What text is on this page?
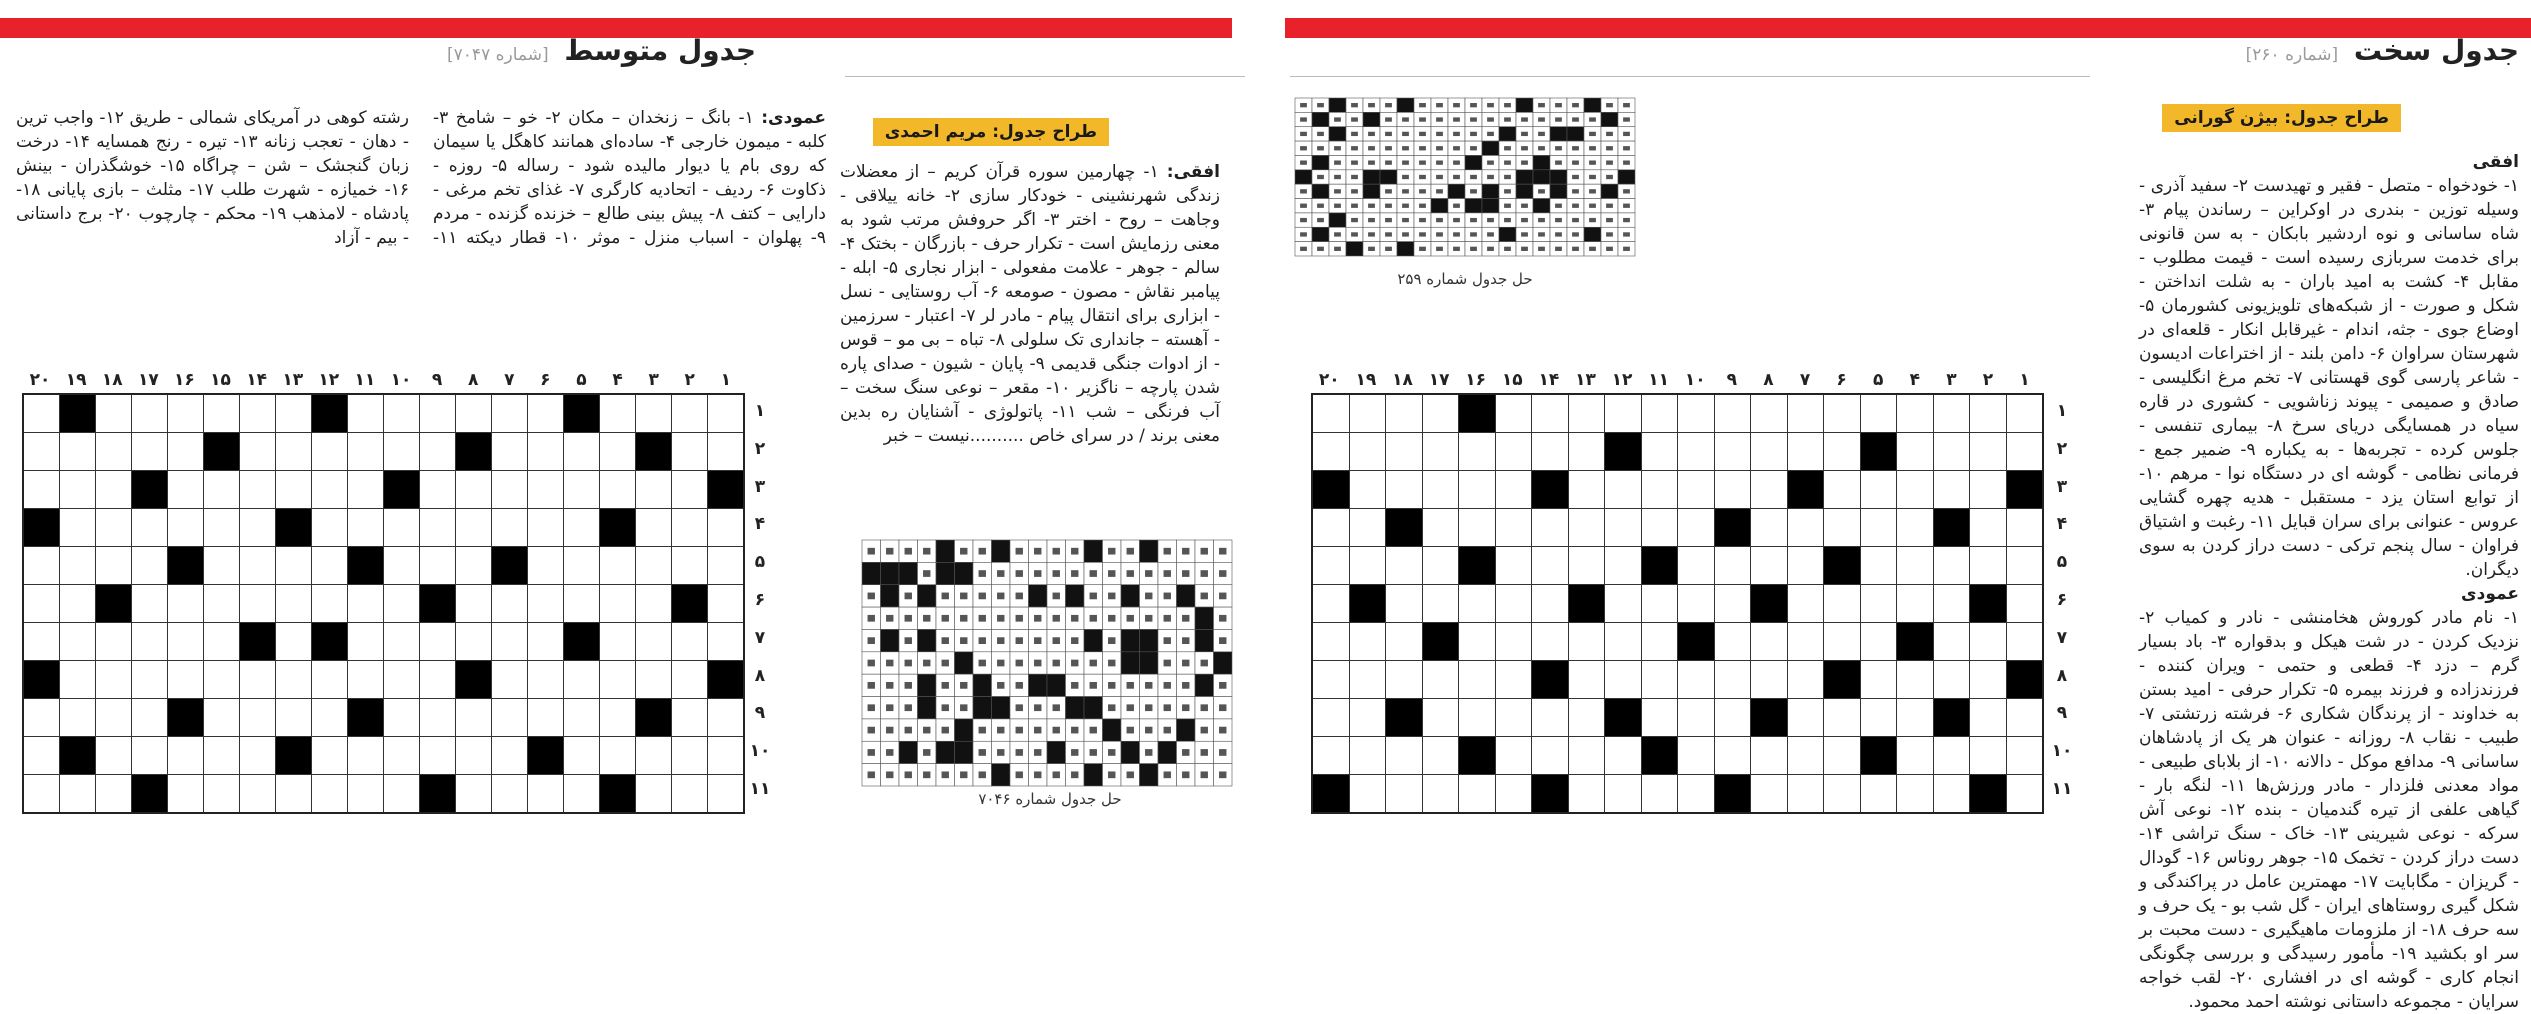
جدول سخت [شماره ۲۶۰]
طراح جدول: بیژن گورانی
افقی
۱- خودخواه - متصل - فقیر و تهیدست ۲- سفید آذری - وسیله توزین - بندری در اوکراین – رساندن پیام ۳- شاه ساسانی و نوه اردشیر بابکان - به سن قانونی برای خدمت سربازی رسیده است - قیمت مطلوب - مقابل ۴- کشت به امید باران - به شلت انداختن - شکل و صورت - از شبکه‌های تلویزیونی کشورمان ۵- اوضاع جوی - جثه، اندام - غیرقابل انکار - قلعه‌ای در شهرستان سراوان ۶- دامن بلند - از اختراعات ادیسون - شاعر پارسی گوی قهستانی ۷- تخم مرغ انگلیسی - صادق و صمیمی - پیوند زناشویی - کشوری در قاره سیاه در همسایگی دریای سرخ ۸- بیماری تنفسی - جلوس کرده - تجربه‌ها - به یکباره ۹- ضمیر جمع - فرمانی نظامی - گوشه ای در دستگاه نوا - مرهم ۱۰- از توابع استان یزد - مستقبل - هدیه چهره گشایی عروس - عنوانی برای سران قبایل ۱۱- رغبت و اشتیاق فراوان - سال پنجم ترکی - دست دراز کردن به سوی دیگران.
عمودی
۱- نام مادر کوروش هخامنشی - نادر و کمیاب ۲- نزدیک کردن - در شت هیکل و بدقواره ۳- باد بسیار گرم – دزد ۴- قطعی و حتمی - ویران کننده - فرزندزاده و فرزند بیمره ۵- تکرار حرفی - امید بستن به خداوند - از پرندگان شکاری ۶- فرشته زرتشتی ۷- طبیب - نقاب ۸- روزانه - عنوان هر یک از پادشاهان ساسانی ۹- مدافع موکل - دالانه ۱۰- از بلابای طبیعی - مواد معدنی فلزدار - مادر ورزش‌ها ۱۱- لنگه بار - گیاهی علفی از تیره گندمیان - بنده ۱۲- نوعی آش سرکه - نوعی شیرینی ۱۳- خاک - سنگ تراشی ۱۴- دست دراز کردن - تخمک ۱۵- جوهر روناس ۱۶- گودال - گریزان - مگابایت ۱۷- مهمترین عامل در پراکندگی و شکل گیری روستاهای ایران - گل شب بو - یک حرف و سه حرف ۱۸- از ملزومات ماهیگیری - دست محبت بر سر او بکشید ۱۹- مأمور رسیدگی و بررسی چگونگی انجام کاری - گوشه ای در افشاری ۲۰- لقب خواجه سرایان - مجموعه داستانی نوشته احمد محمود.
حل جدول شماره ۲۵۹
۱
۲
۳
۴
۵
۶
۷
۸
۹
۱۰
۱۱
۱۲
۱۳
۱۴
۱۵
۱۶
۱۷
۱۸
۱۹
۲۰
۱
۲
۳
۴
۵
۶
۷
۸
۹
۱۰
۱۱

جدول متوسط [شماره ۷۰۴۷]
طراح جدول: مریم احمدی
افقی: ۱- چهارمین سوره قرآن کریم – از معضلات زندگی شهرنشینی - خودکار سازی ۲- خانه ییلاقی - وجاهت – روح - اختر ۳- اگر حروفش مرتب شود به معنی رزمایش است - تکرار حرف - بازرگان - بختک ۴- سالم - جوهر - علامت مفعولی - ابزار نجاری ۵- ابله - پیامبر نقاش - مصون - صومعه ۶- آب روستایی - نسل - ابزاری برای انتقال پیام - مادر لر ۷- اعتبار - سرزمین - آهسته – جانداری تک سلولی ۸- تباه – بی مو – قوس - از ادوات جنگی قدیمی ۹- پایان - شیون - صدای پاره شدن پارچه – ناگزیر ۱۰- مقعر – نوعی سنگ سخت – آب فرنگی – شب ۱۱- پاتولوژی - آشنایان ره بدین معنی برند / در سرای خاص ..........نیست – خبر
عمودی: ۱- بانگ – زنخدان – مکان ۲- خو – شامخ ۳- کلبه - میمون خارجی ۴- ساده‌ای همانند کاهگل یا سیمان که روی بام یا دیوار مالیده شود - رساله ۵- روزه - ذکاوت ۶- ردیف - اتحادیه کارگری ۷- غذای تخم مرغی - دارایی – کتف ۸- پیش بینی طالع – خزنده گزنده - مردم ۹- پهلوان - اسباب منزل - موثر ۱۰- قطار دیکته ۱۱- رشته کوهی در آمریکای شمالی - طریق ۱۲- واجب ترین - دهان - تعجب زنانه ۱۳- تیره - رنج همسایه ۱۴- درخت زبان گنجشک – شن – چراگاه ۱۵- خوشگذران - بینش ۱۶- خمیازه - شهرت طلب ۱۷- مثلث – بازی پایانی ۱۸- پادشاه - لامذهب ۱۹- محکم - چارچوب ۲۰- برج داستانی - بیم - آزاد
حل جدول شماره ۷۰۴۶
۱
۲
۳
۴
۵
۶
۷
۸
۹
۱۰
۱۱
۱۲
۱۳
۱۴
۱۵
۱۶
۱۷
۱۸
۱۹
۲۰
۱
۲
۳
۴
۵
۶
۷
۸
۹
۱۰
۱۱
